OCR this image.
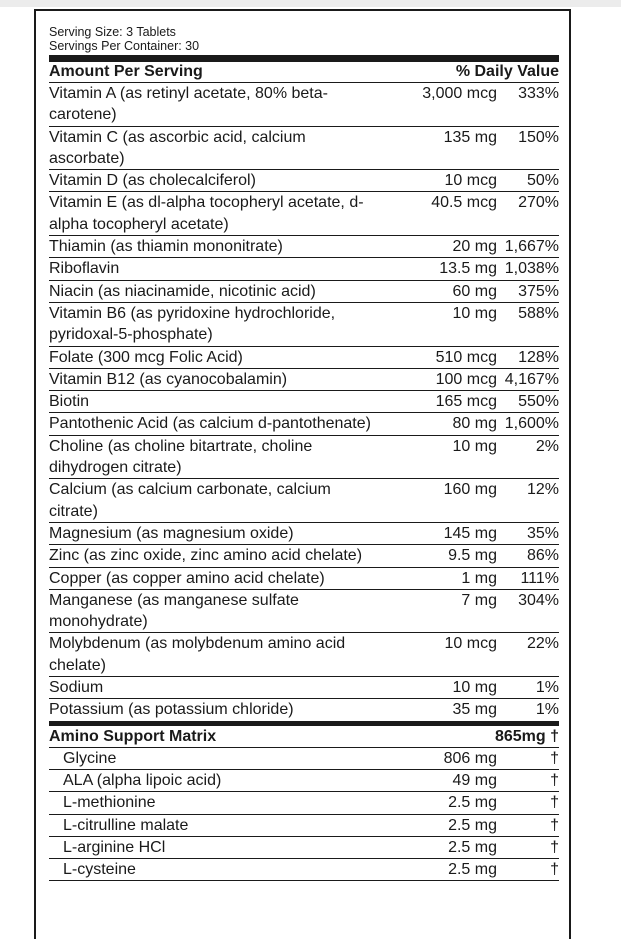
Serving Size: 3 Tablets
Servings Per Container: 30
Amount Per Serving	% Daily Value
Vitamin A (as retinyl acetate, 80% beta-carotene)
3,000 mcg	333%
Vitamin C (as ascorbic acid, calcium ascorbate)
135 mg	150%
Vitamin D (as cholecalciferol)	10 mcg	50%
Vitamin E (as dl-alpha tocopheryl acetate, d-alpha tocopheryl acetate)
40.5 mcg	270%
Thiamin (as thiamin mononitrate)	20 mg 1,667%
Riboflavin	13.5 mg 1,038%
Niacin (as niacinamide, nicotinic acid)	60 mg	375%
Vitamin B6 (as pyridoxine hydrochloride, pyridoxal-5-phosphate)
10 mg	588%
Folate (300 mcg Folic Acid)	510 mcg	128%
Vitamin B12 (as cyanocobalamin)	100 mcg 4,167%
Biotin	165 mcg	550%
Pantothenic Acid (as calcium d-pantothenate)	80 mg 1,600%
Choline (as choline bitartrate, choline dihydrogen citrate)
10 mg	2%
Calcium (as calcium carbonate, calcium citrate)
160 mg	12%
Magnesium (as magnesium oxide)	145 mg	35%
Zinc (as zinc oxide, zinc amino acid chelate)	9.5 mg	86%
Copper (as copper amino acid chelate)	1 mg	111%
Manganese (as manganese sulfate monohydrate)
7 mg	304%
Molybdenum (as molybdenum amino acid chelate)
10 mcg	22%
Sodium	10 mg	1%
Potassium (as potassium chloride)	35 mg	1%
Amino Support Matrix	865mg †
Glycine	806 mg	†
ALA (alpha lipoic acid)	49 mg	†
L-methionine	2.5 mg	†
L-citrulline malate	2.5 mg	†
L-arginine HCl	2.5 mg	†
L-cysteine	2.5 mg	†
